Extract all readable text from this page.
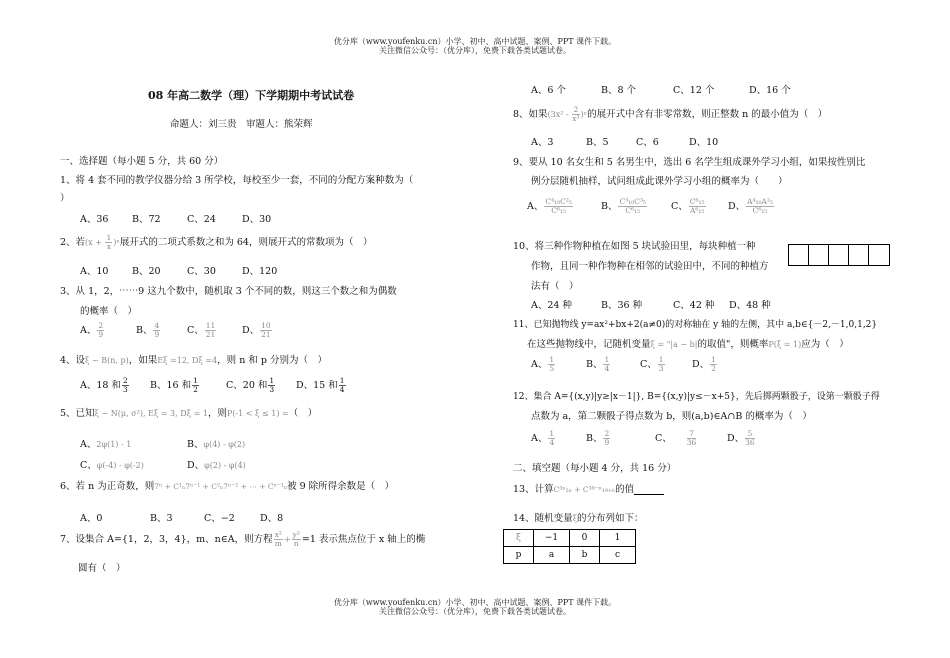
优分库（www.youfenku.cn）小学、初中、高中试题、案例、PPT 课件下载。
关注微信公众号：（优分库），免费下载各类试题试卷。
08 年高二数学（理）下学期期中考试试卷
命题人：刘三贵　审题人：熊荣辉
一、选择题（每小题 5 分，共 60 分）
1、将 4 套不同的教学仪器分给 3 所学校，每校至少一套，不同的分配方案种数为（
）
A、36 B、72	C、24	D、30
2、若$(x + \frac{1}{x} )^n$展开式的二项式系数之和为 64，则展开式的常数项为（　）
A、10 B、20	C、30	D、120
3、从 1，2，⋯⋯9 这九个数中，随机取 3 个不同的数，则这三个数之和为偶数
的概率（　）
A、 $\frac{2}{9}$	B、 $\frac{4}{9}$	C、 $\frac{11}{21}$	D、 $\frac{10}{21}$
4、设ξ ~ B(n, p)，如果Eξ =12, Dξ =4，则 n 和 p 分别为（　）
A、18 和 $\frac{2}{3}$ B、16 和 $\frac{1}{2}$	C、20 和 $\frac{1}{3}$ D、15 和 $\frac{1}{4}$
5、已知ξ ~ N(μ, σ²), Eξ = 3, Dξ = 1，则P(-1 < ξ ≤ 1) =（　）
A、2φ(1) - 1	B、φ(4) - φ(2)
C、φ(-4) - φ(-2)	D、φ(2) - φ(4)
6、若 n 为正奇数，则7ⁿ + C¹ₙ7ⁿ⁻¹ + C²ₙ7ⁿ⁻² + ⋯ + Cⁿ⁻¹ₙ被 9 除所得余数是（　）
A、0	B、3	C、−2	D、8
7、设集合 A={1，2，3，4}，m、n∈A，则方程 $\frac{\text{x²}}{m} + \frac{\text{y²}}{n} =1$ 表示焦点位于 x 轴上的椭
圆有（　）
A、6 个	B、8 个	C、12 个	D、16 个
8、如果$(3x^2 - \frac{2}{\text{x³}} )^n$的展开式中含有非零常数，则正整数 n 的最小值为（　）
A、3	B、5	C、6	D、10
9、要从 10 名女生和 5 名男生中，选出 6 名学生组成课外学习小组，如果按性别比
例分层随机抽样，试问组成此课外学习小组的概率为（　　）
A、 $\frac{\text{C⁴₁₀C²₅}}{\text{C⁶₁₅}}$	B、 $\frac{\text{C³₁₀C³₅}}{\text{C⁶₁₅}}$	C、 $\frac{\text{C⁶₁₅}}{\text{A⁶₁₅}}$ D、 $\frac{\text{A⁴₁₀A²₅}}{\text{C⁶₁₅}}$
10、将三种作物种植在如图 5 块试验田里，每块种植一种
作物，且同一种作物种在相邻的试验田中，不同的种植方
法有（　）
A、24 种	B、36 种	C、42 种 D、48 种
11、已知抛物线 y=ax²+bx+2(a≠0)的对称轴在 y 轴的左侧，其中 a,b∈{－2,－1,0,1,2}
在这些抛物线中，记随机变量ξ = "|a − b|的取值"，则概率P(ξ = 1)应为（　）
A、 $\frac{1}{5}$	B、 $\frac{1}{4}$	C、 $\frac{1}{3}$	D、 $\frac{1}{2}$
12、集合 A={(x,y)|y≥|x－1|}, B={(x,y)|y≤－x+5}，先后掷两颗骰子，设第一颗骰子得
点数为 a，第二颗骰子得点数为 b，则(a,b)∈A∩B 的概率为（　）
A、 $\frac{1}{4}$	B、 $\frac{2}{9}$	C、 $\frac{7}{36}$	D、 $\frac{5}{36}$
二、填空题（每小题 4 分，共 16 分）
13、计算C³ⁿ₂ₙ + C³⁸⁻ⁿ₁₉₊ₙ的值
14、随机变量ξ的分布列如下：
ξ	−1	0	1
p	a	b	c
优分库（www.youfenku.cn）小学、初中、高中试题、案例、PPT 课件下载。
关注微信公众号：（优分库），免费下载各类试题试卷。
